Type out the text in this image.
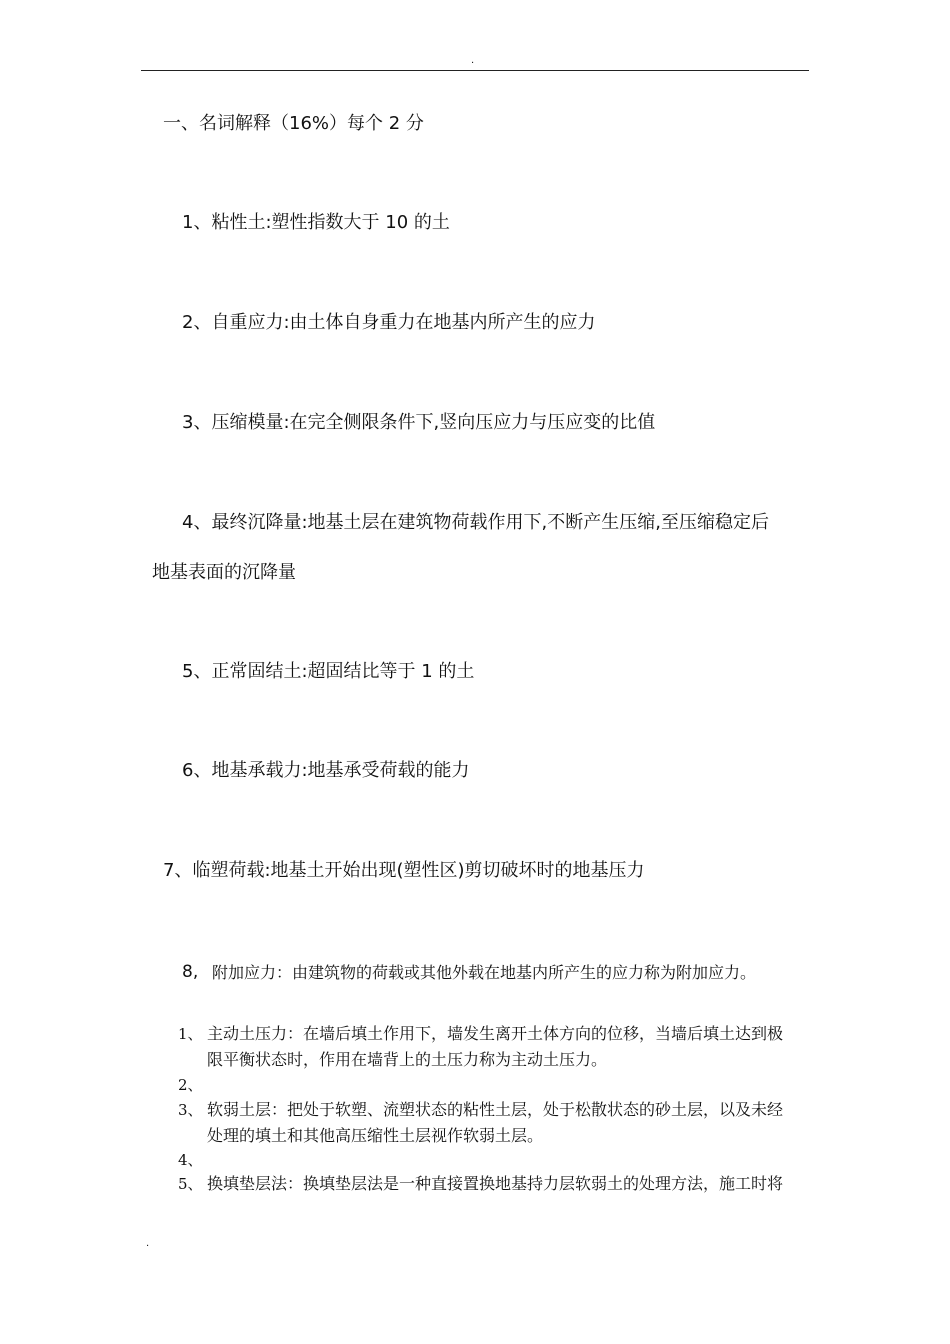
.
一、名词解释（16%）每个 2 分
1、粘性土:塑性指数大于 10 的土
2、自重应力:由土体自身重力在地基内所产生的应力
3、压缩模量:在完全侧限条件下,竖向压应力与压应变的比值
4、最终沉降量:地基土层在建筑物荷载作用下,不断产生压缩,至压缩稳定后
地基表面的沉降量
5、正常固结土:超固结比等于 1 的土
6、地基承载力:地基承受荷载的能力
7、临塑荷载:地基土开始出现(塑性区)剪切破坏时的地基压力
8, 附加应力：由建筑物的荷载或其他外载在地基内所产生的应力称为附加应力。
1、 主动土压力：在墙后填土作用下，墙发生离开土体方向的位移，当墙后填土达到极
限平衡状态时，作用在墙背上的土压力称为主动土压力。
2、
3、 软弱土层：把处于软塑、流塑状态的粘性土层，处于松散状态的砂土层，以及未经
处理的填土和其他高压缩性土层视作软弱土层。
4、
5、 换填垫层法：换填垫层法是一种直接置换地基持力层软弱土的处理方法，施工时将
.
